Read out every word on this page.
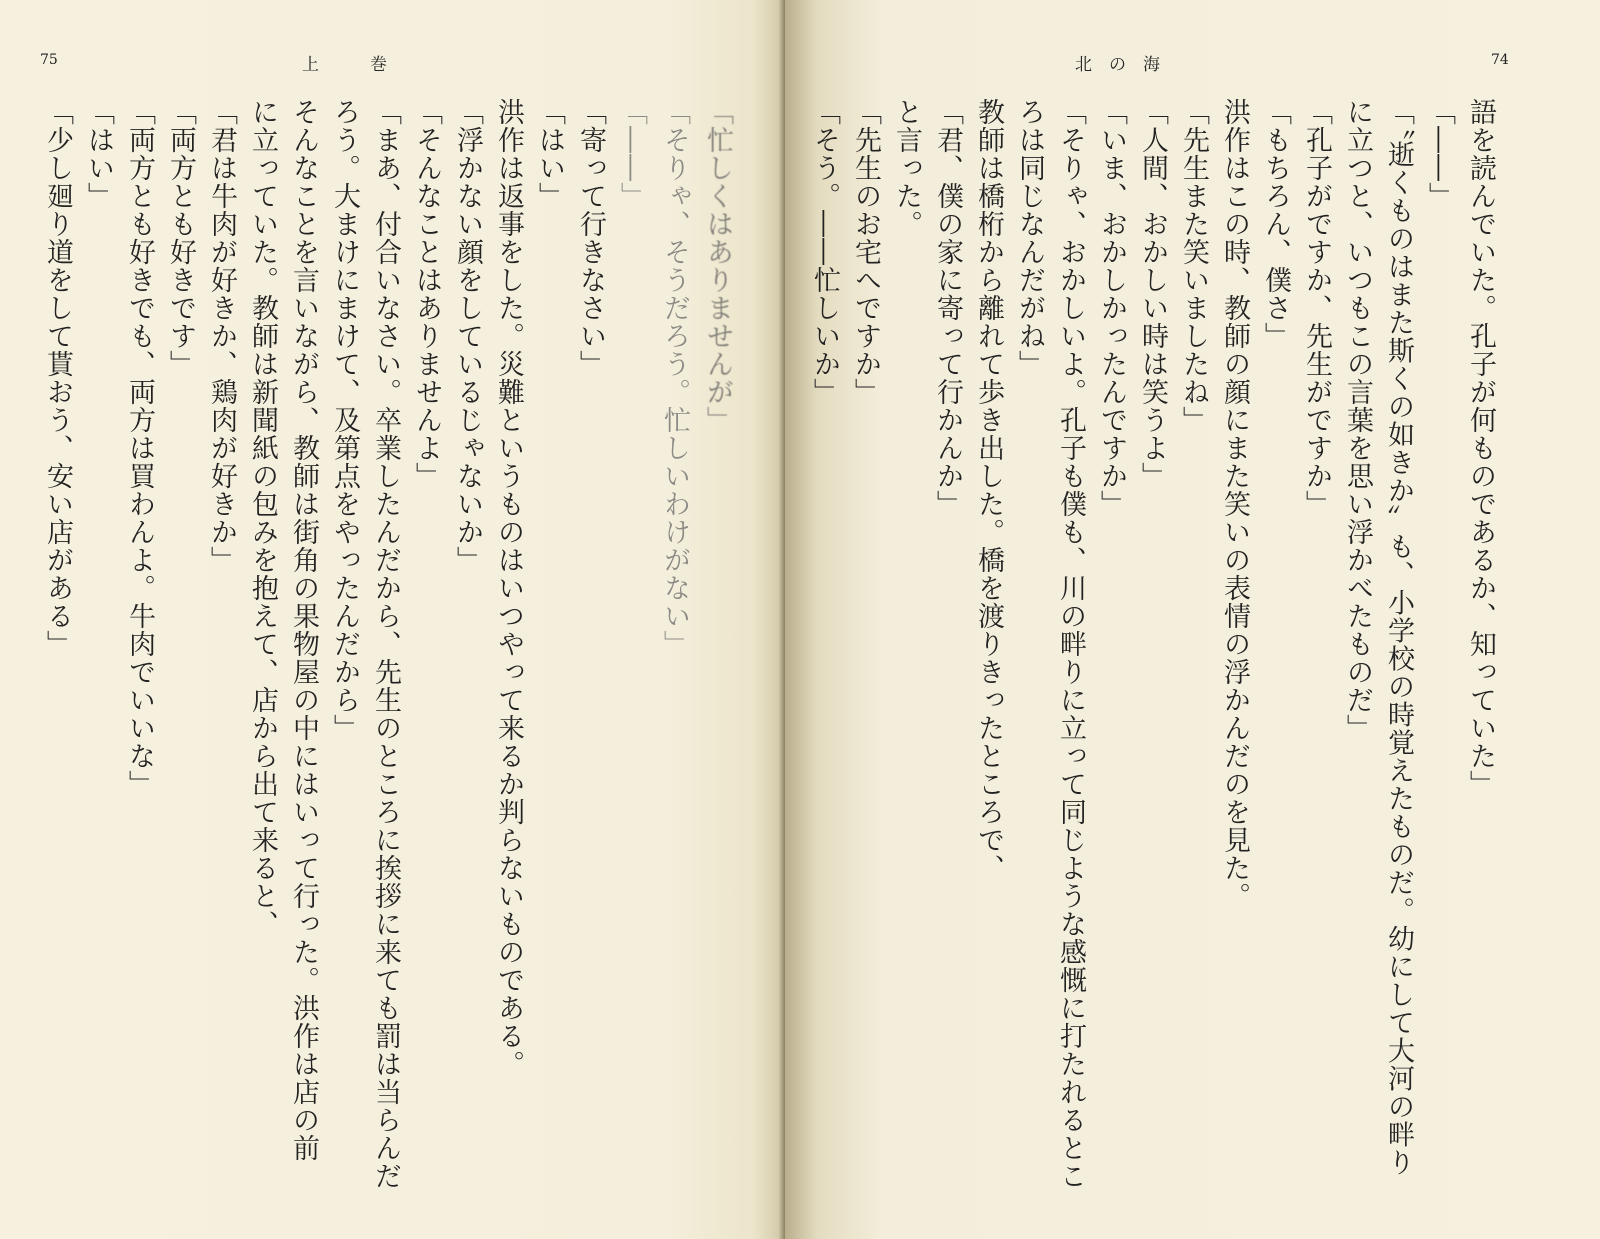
75	上　　　巻
「忙しくはありませんが」
「そりゃ、そうだろう。忙しいわけがない」
「――」
「寄って行きなさい」
「はい」
洪作は返事をした。災難というものはいつやって来るか判らないものである。
「浮かない顔をしているじゃないか」
「そんなことはありませんよ」
「まあ、付合いなさい。卒業したんだから、先生のところに挨拶に来ても罰は当らんだ
ろう。大まけにまけて、及第点をやったんだから」
そんなことを言いながら、教師は街角の果物屋の中にはいって行った。洪作は店の前
に立っていた。教師は新聞紙の包みを抱えて、店から出て来ると、
「君は牛肉が好きか、鶏肉が好きか」
「両方とも好きです」
「両方とも好きでも、両方は買わんよ。牛肉でいいな」
「はい」
「少し廻り道をして貰おう、安い店がある」
北　の　海	74
語を読んでいた。孔子が何ものであるか、知っていた」
「――」
「〝逝くものはまた斯くの如きか〟も、小学校の時覚えたものだ。幼にして大河の畔り
に立つと、いつもこの言葉を思い浮かべたものだ」
「孔子がですか、先生がですか」
「もちろん、僕さ」
洪作はこの時、教師の顔にまた笑いの表情の浮かんだのを見た。
「先生また笑いましたね」
「人間、おかしい時は笑うよ」
「いま、おかしかったんですか」
「そりゃ、おかしいよ。孔子も僕も、川の畔りに立って同じような感慨に打たれるとこ
ろは同じなんだがね」
教師は橋桁から離れて歩き出した。橋を渡りきったところで、
「君、僕の家に寄って行かんか」
と言った。
「先生のお宅へですか」
「そう。――忙しいか」
